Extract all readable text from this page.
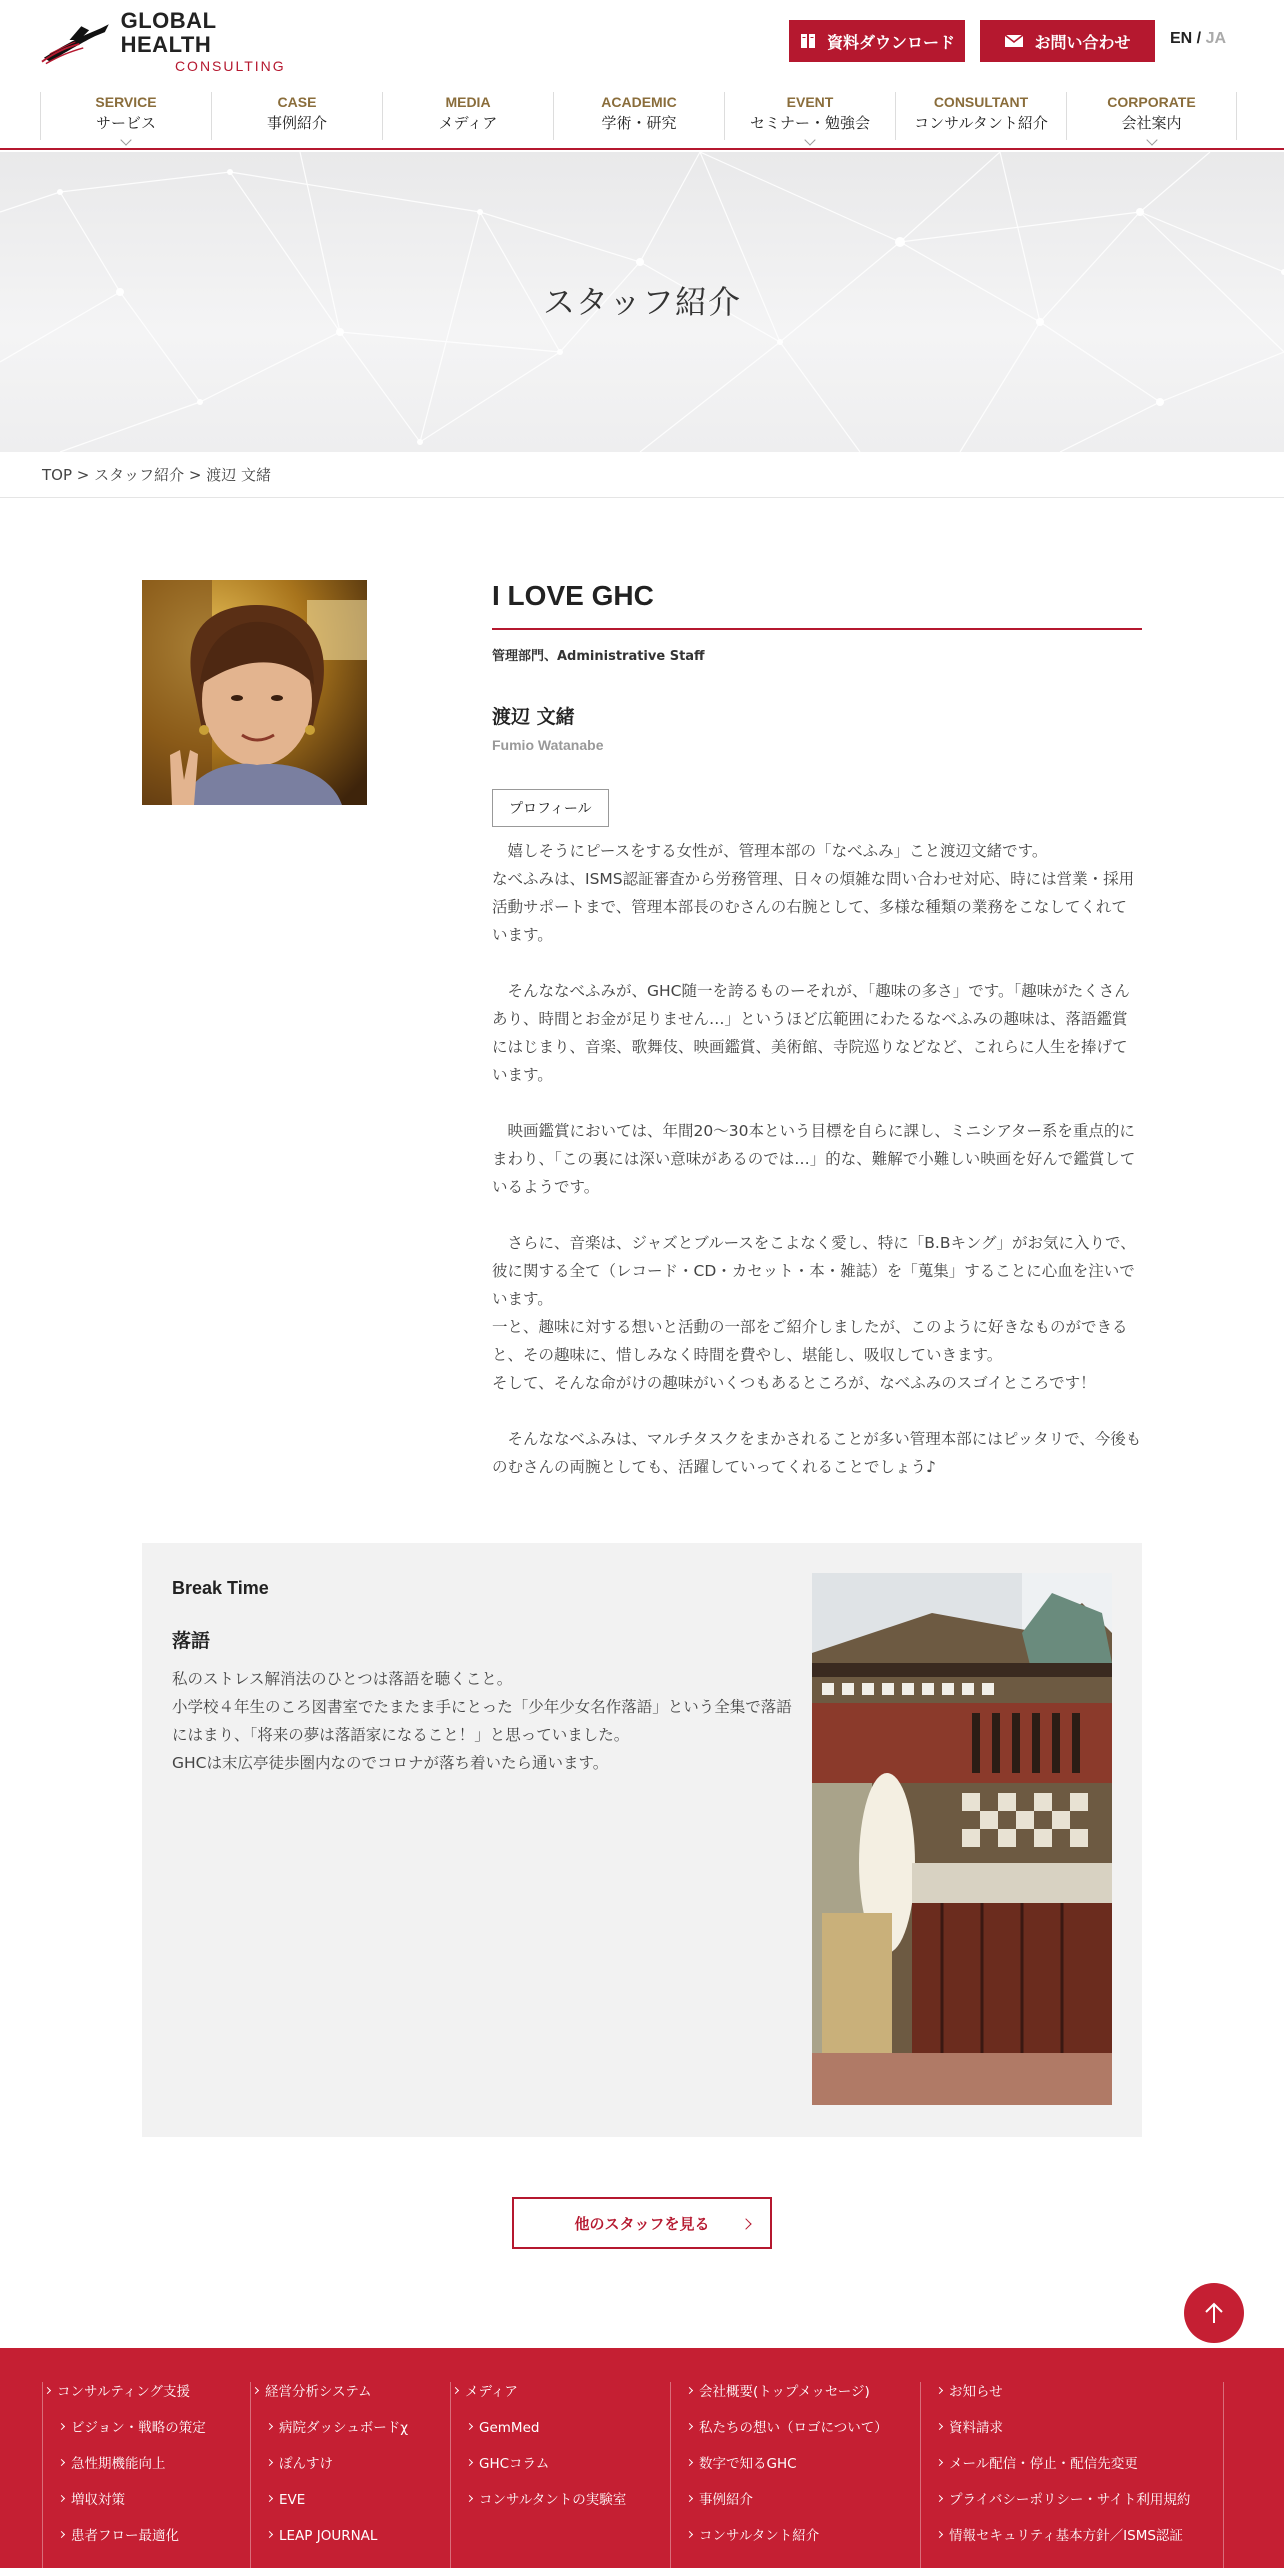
GLOBAL HEALTH
CONSULTING
資料ダウンロード	お問い合わせ EN / JA
SERVICE
サービス
CASE
事例紹介
MEDIA
メディア
ACADEMIC
学術・研究
EVENT
セミナー・勉強会
CONSULTANT
コンサルタント紹介
CORPORATE
会社案内
スタッフ紹介
TOP > スタッフ紹介 > 渡辺 文緒
I LOVE GHC
管理部門、Administrative Staff
渡辺 文緒
Fumio Watanabe
プロフィール

　嬉しそうにピースをする女性が、管理本部の「なべふみ」こと渡辺文緒です。
なべふみは、ISMS認証審査から労務管理、日々の煩雑な問い合わせ対応、時には営業・採用活動サポートまで、管理本部長のむさんの右腕として、多様な種類の業務をこなしてくれています。

　そんななべふみが、GHC随一を誇るものーそれが、「趣味の多さ」です。「趣味がたくさんあり、時間とお金が足りません…」というほど広範囲にわたるなべふみの趣味は、落語鑑賞にはじまり、音楽、歌舞伎、映画鑑賞、美術館、寺院巡りなどなど、これらに人生を捧げています。

　映画鑑賞においては、年間20～30本という目標を自らに課し、ミニシアター系を重点的にまわり、「この裏には深い意味があるのでは…」的な、難解で小難しい映画を好んで鑑賞しているようです。

　さらに、音楽は、ジャズとブルースをこよなく愛し、特に「B.Bキング」がお気に入りで、彼に関する全て（レコード・CD・カセット・本・雑誌）を「蒐集」することに心血を注いでいます。
一と、趣味に対する想いと活動の一部をご紹介しましたが、このように好きなものができると、その趣味に、惜しみなく時間を費やし、堪能し、吸収していきます。
そして、そんな命がけの趣味がいくつもあるところが、なべふみのスゴイところです！

　そんななべふみは、マルチタスクをまかされることが多い管理本部にはピッタリで、今後ものむさんの両腕としても、活躍していってくれることでしょう♪

Break Time
落語
私のストレス解消法のひとつは落語を聴くこと。
小学校４年生のころ図書室でたまたま手にとった「少年少女名作落語」という全集で落語にはまり、「将来の夢は落語家になること！」と思っていました。
GHCは末広亭徒歩圏内なのでコロナが落ち着いたら通います。
他のスタッフを見る
コンサルティング支援
ビジョン・戦略の策定
急性期機能向上
増収対策
患者フロー最適化
経営分析システム
病院ダッシュボードχ
ぽんすけ
EVE
LEAP JOURNAL
メディア
GemMed
GHCコラム
コンサルタントの実験室
会社概要(トップメッセージ)
私たちの想い（ロゴについて）
数字で知るGHC
事例紹介
コンサルタント紹介
お知らせ
資料請求
メール配信・停止・配信先変更
プライバシーポリシー・サイト利用規約
情報セキュリティ基本方針／ISMS認証
